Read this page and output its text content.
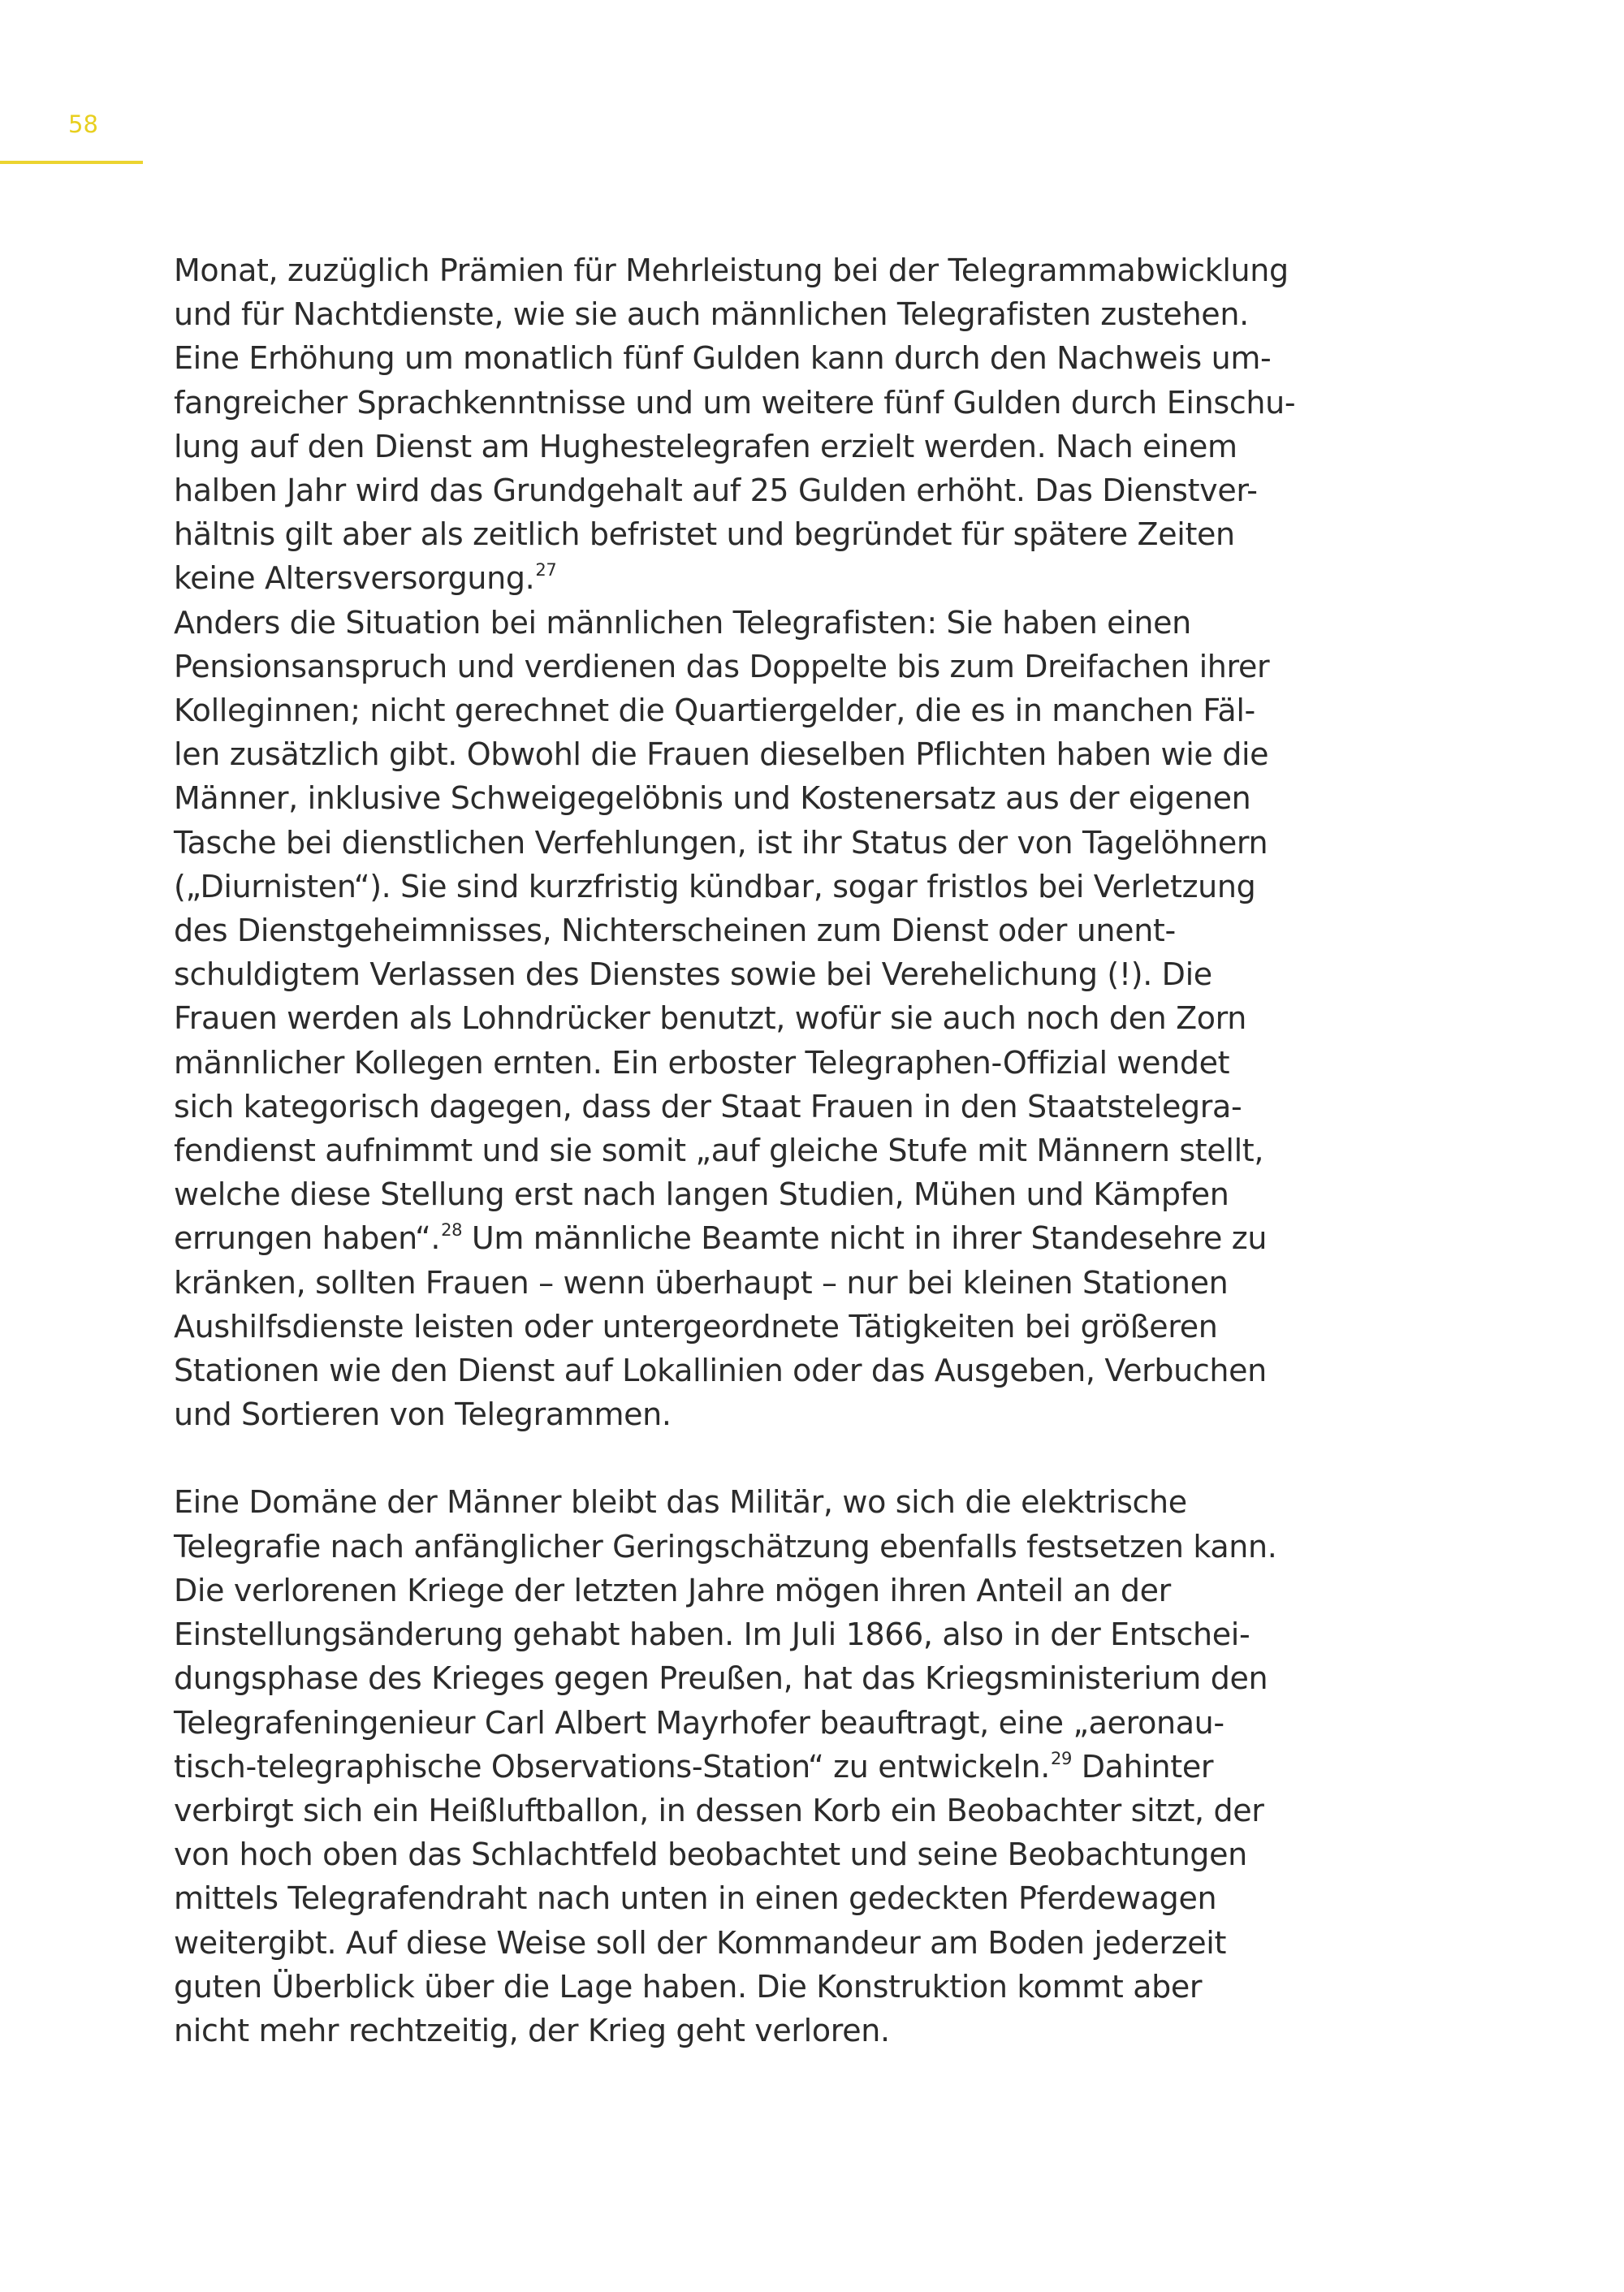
58
Monat, zuzüglich Prämien für Mehrleistung bei der Telegrammabwicklung
und für Nachtdienste, wie sie auch männlichen Telegrafisten zustehen.
Eine Erhöhung um monatlich fünf Gulden kann durch den Nachweis um-
fangreicher Sprachkenntnisse und um weitere fünf Gulden durch Einschu-
lung auf den Dienst am Hughestelegrafen erzielt werden. Nach einem
halben Jahr wird das Grundgehalt auf 25 Gulden erhöht. Das Dienstver-
hältnis gilt aber als zeitlich befristet und begründet für spätere Zeiten
keine Altersversorgung.$^{27}$
Anders die Situation bei männlichen Telegrafisten: Sie haben einen
Pensionsanspruch und verdienen das Doppelte bis zum Dreifachen ihrer
Kolleginnen; nicht gerechnet die Quartiergelder, die es in manchen Fäl-
len zusätzlich gibt. Obwohl die Frauen dieselben Pflichten haben wie die
Männer, inklusive Schweigegelöbnis und Kostenersatz aus der eigenen
Tasche bei dienstlichen Verfehlungen, ist ihr Status der von Tagelöhnern
(„Diurnisten“). Sie sind kurzfristig kündbar, sogar fristlos bei Verletzung
des Dienstgeheimnisses, Nichterscheinen zum Dienst oder unent-
schuldigtem Verlassen des Dienstes sowie bei Verehelichung (!). Die
Frauen werden als Lohndrücker benutzt, wofür sie auch noch den Zorn
männlicher Kollegen ernten. Ein erboster Telegraphen-Offizial wendet
sich kategorisch dagegen, dass der Staat Frauen in den Staatstelegra-
fendienst aufnimmt und sie somit „auf gleiche Stufe mit Männern stellt,
welche diese Stellung erst nach langen Studien, Mühen und Kämpfen
errungen haben“.$^{28}$ Um männliche Beamte nicht in ihrer Standesehre zu
kränken, sollten Frauen – wenn überhaupt – nur bei kleinen Stationen
Aushilfsdienste leisten oder untergeordnete Tätigkeiten bei größeren
Stationen wie den Dienst auf Lokallinien oder das Ausgeben, Verbuchen
und Sortieren von Telegrammen.
Eine Domäne der Männer bleibt das Militär, wo sich die elektrische
Telegrafie nach anfänglicher Geringschätzung ebenfalls festsetzen kann.
Die verlorenen Kriege der letzten Jahre mögen ihren Anteil an der
Einstellungsänderung gehabt haben. Im Juli 1866, also in der Entschei-
dungsphase des Krieges gegen Preußen, hat das Kriegsministerium den
Telegrafeningenieur Carl Albert Mayrhofer beauftragt, eine „aeronau-
tisch-telegraphische Observations-Station“ zu entwickeln.$^{29}$ Dahinter
verbirgt sich ein Heißluftballon, in dessen Korb ein Beobachter sitzt, der
von hoch oben das Schlachtfeld beobachtet und seine Beobachtungen
mittels Telegrafendraht nach unten in einen gedeckten Pferdewagen
weitergibt. Auf diese Weise soll der Kommandeur am Boden jederzeit
guten Überblick über die Lage haben. Die Konstruktion kommt aber
nicht mehr rechtzeitig, der Krieg geht verloren.
